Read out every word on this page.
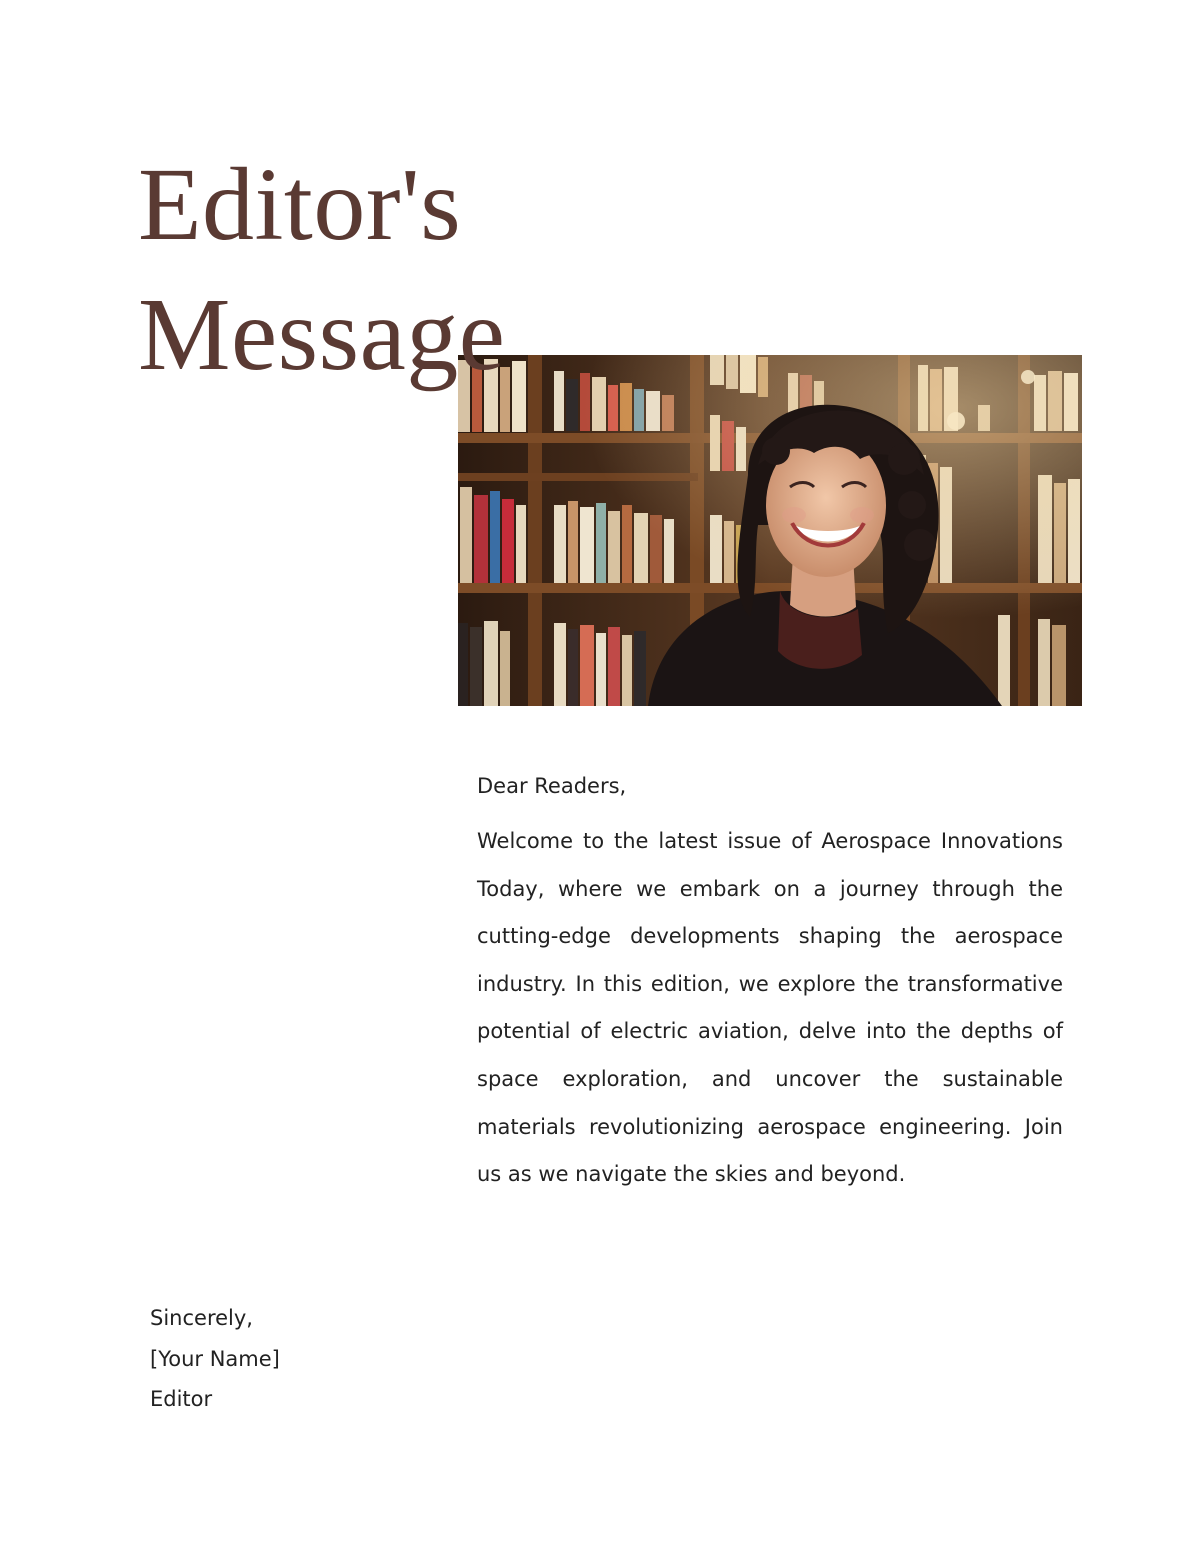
Editor's
Message

Dear Readers,

Welcome to the latest issue of Aerospace Innovations Today, where we embark on a journey through the cutting-edge developments shaping the aerospace industry. In this edition, we explore the transformative potential of electric aviation, delve into the depths of space exploration, and uncover the sustainable materials revolutionizing aerospace engineering. Join us as we navigate the skies and beyond.

Sincerely,
[Your Name]
Editor
